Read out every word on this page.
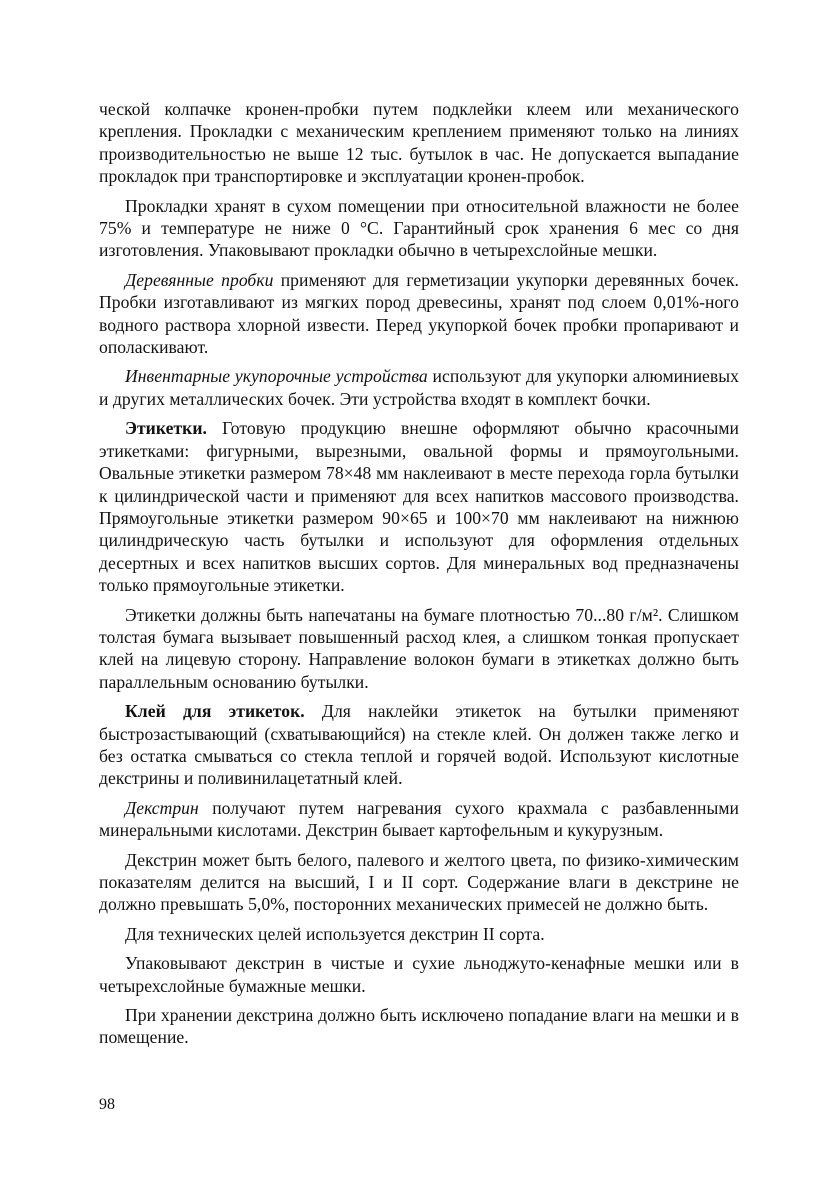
ческой колпачке кронен-пробки путем подклейки клеем или механического крепления. Прокладки с механическим креплением применяют только на линиях производительностью не выше 12 тыс. бутылок в час. Не допускается выпадание прокладок при транспортировке и эксплуатации кронен-пробок.

Прокладки хранят в сухом помещении при относительной влажности не более 75% и температуре не ниже 0 °С. Гарантийный срок хранения 6 мес со дня изготовления. Упаковывают прокладки обычно в четырехслойные мешки.

Деревянные пробки применяют для герметизации укупорки деревянных бочек. Пробки изготавливают из мягких пород древесины, хранят под слоем 0,01%-ного водного раствора хлорной извести. Перед укупоркой бочек пробки пропаривают и ополаскивают.

Инвентарные укупорочные устройства используют для укупорки алюминиевых и других металлических бочек. Эти устройства входят в комплект бочки.

Этикетки. Готовую продукцию внешне оформляют обычно красочными этикетками: фигурными, вырезными, овальной формы и прямоугольными. Овальные этикетки размером 78×48 мм наклеивают в месте перехода горла бутылки к цилиндрической части и применяют для всех напитков массового производства. Прямоугольные этикетки размером 90×65 и 100×70 мм наклеивают на нижнюю цилиндрическую часть бутылки и используют для оформления отдельных десертных и всех напитков высших сортов. Для минеральных вод предназначены только прямоугольные этикетки.

Этикетки должны быть напечатаны на бумаге плотностью 70...80 г/м². Слишком толстая бумага вызывает повышенный расход клея, а слишком тонкая пропускает клей на лицевую сторону. Направление волокон бумаги в этикетках должно быть параллельным основанию бутылки.

Клей для этикеток. Для наклейки этикеток на бутылки применяют быстрозастывающий (схватывающийся) на стекле клей. Он должен также легко и без остатка смываться со стекла теплой и горячей водой. Используют кислотные декстрины и поливинилацетатный клей.

Декстрин получают путем нагревания сухого крахмала с разбавленными минеральными кислотами. Декстрин бывает картофельным и кукурузным.

Декстрин может быть белого, палевого и желтого цвета, по физико-химическим показателям делится на высший, I и II сорт. Содержание влаги в декстрине не должно превышать 5,0%, посторонних механических примесей не должно быть.

Для технических целей используется декстрин II сорта.

Упаковывают декстрин в чистые и сухие льноджуто-кенафные мешки или в четырехслойные бумажные мешки.

При хранении декстрина должно быть исключено попадание влаги на мешки и в помещение.

98
